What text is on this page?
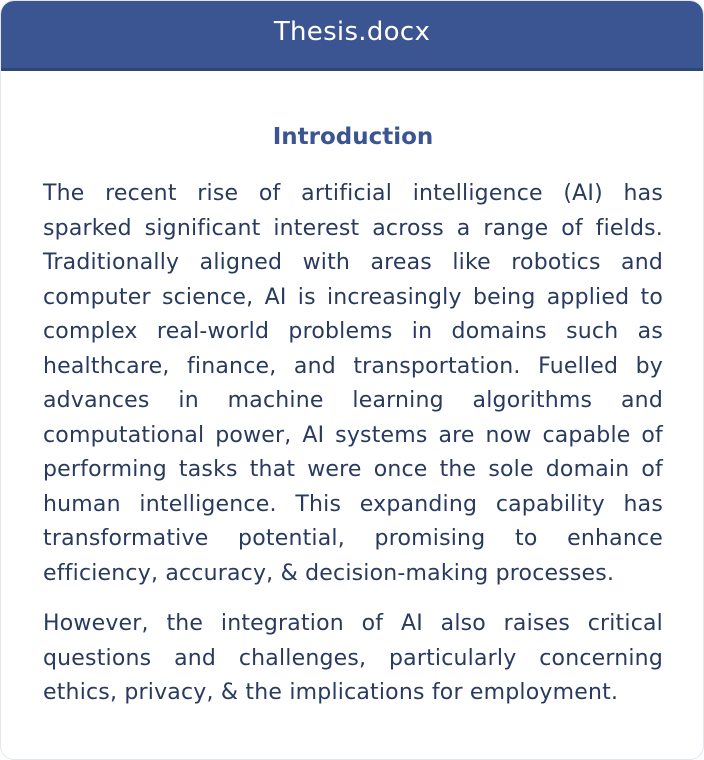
Thesis.docx
Introduction

The recent rise of artificial intelligence (AI) has sparked significant interest across a range of fields. Traditionally aligned with areas like robotics and computer science, AI is increasingly being applied to complex real-world problems in domains such as healthcare, finance, and transportation. Fuelled by advances in machine learning algorithms and computational power, AI systems are now capable of performing tasks that were once the sole domain of human intelligence. This expanding capability has transformative potential, promising to enhance efficiency, accuracy, & decision-making processes.

However, the integration of AI also raises critical questions and challenges, particularly concerning ethics, privacy, & the implications for employment.
